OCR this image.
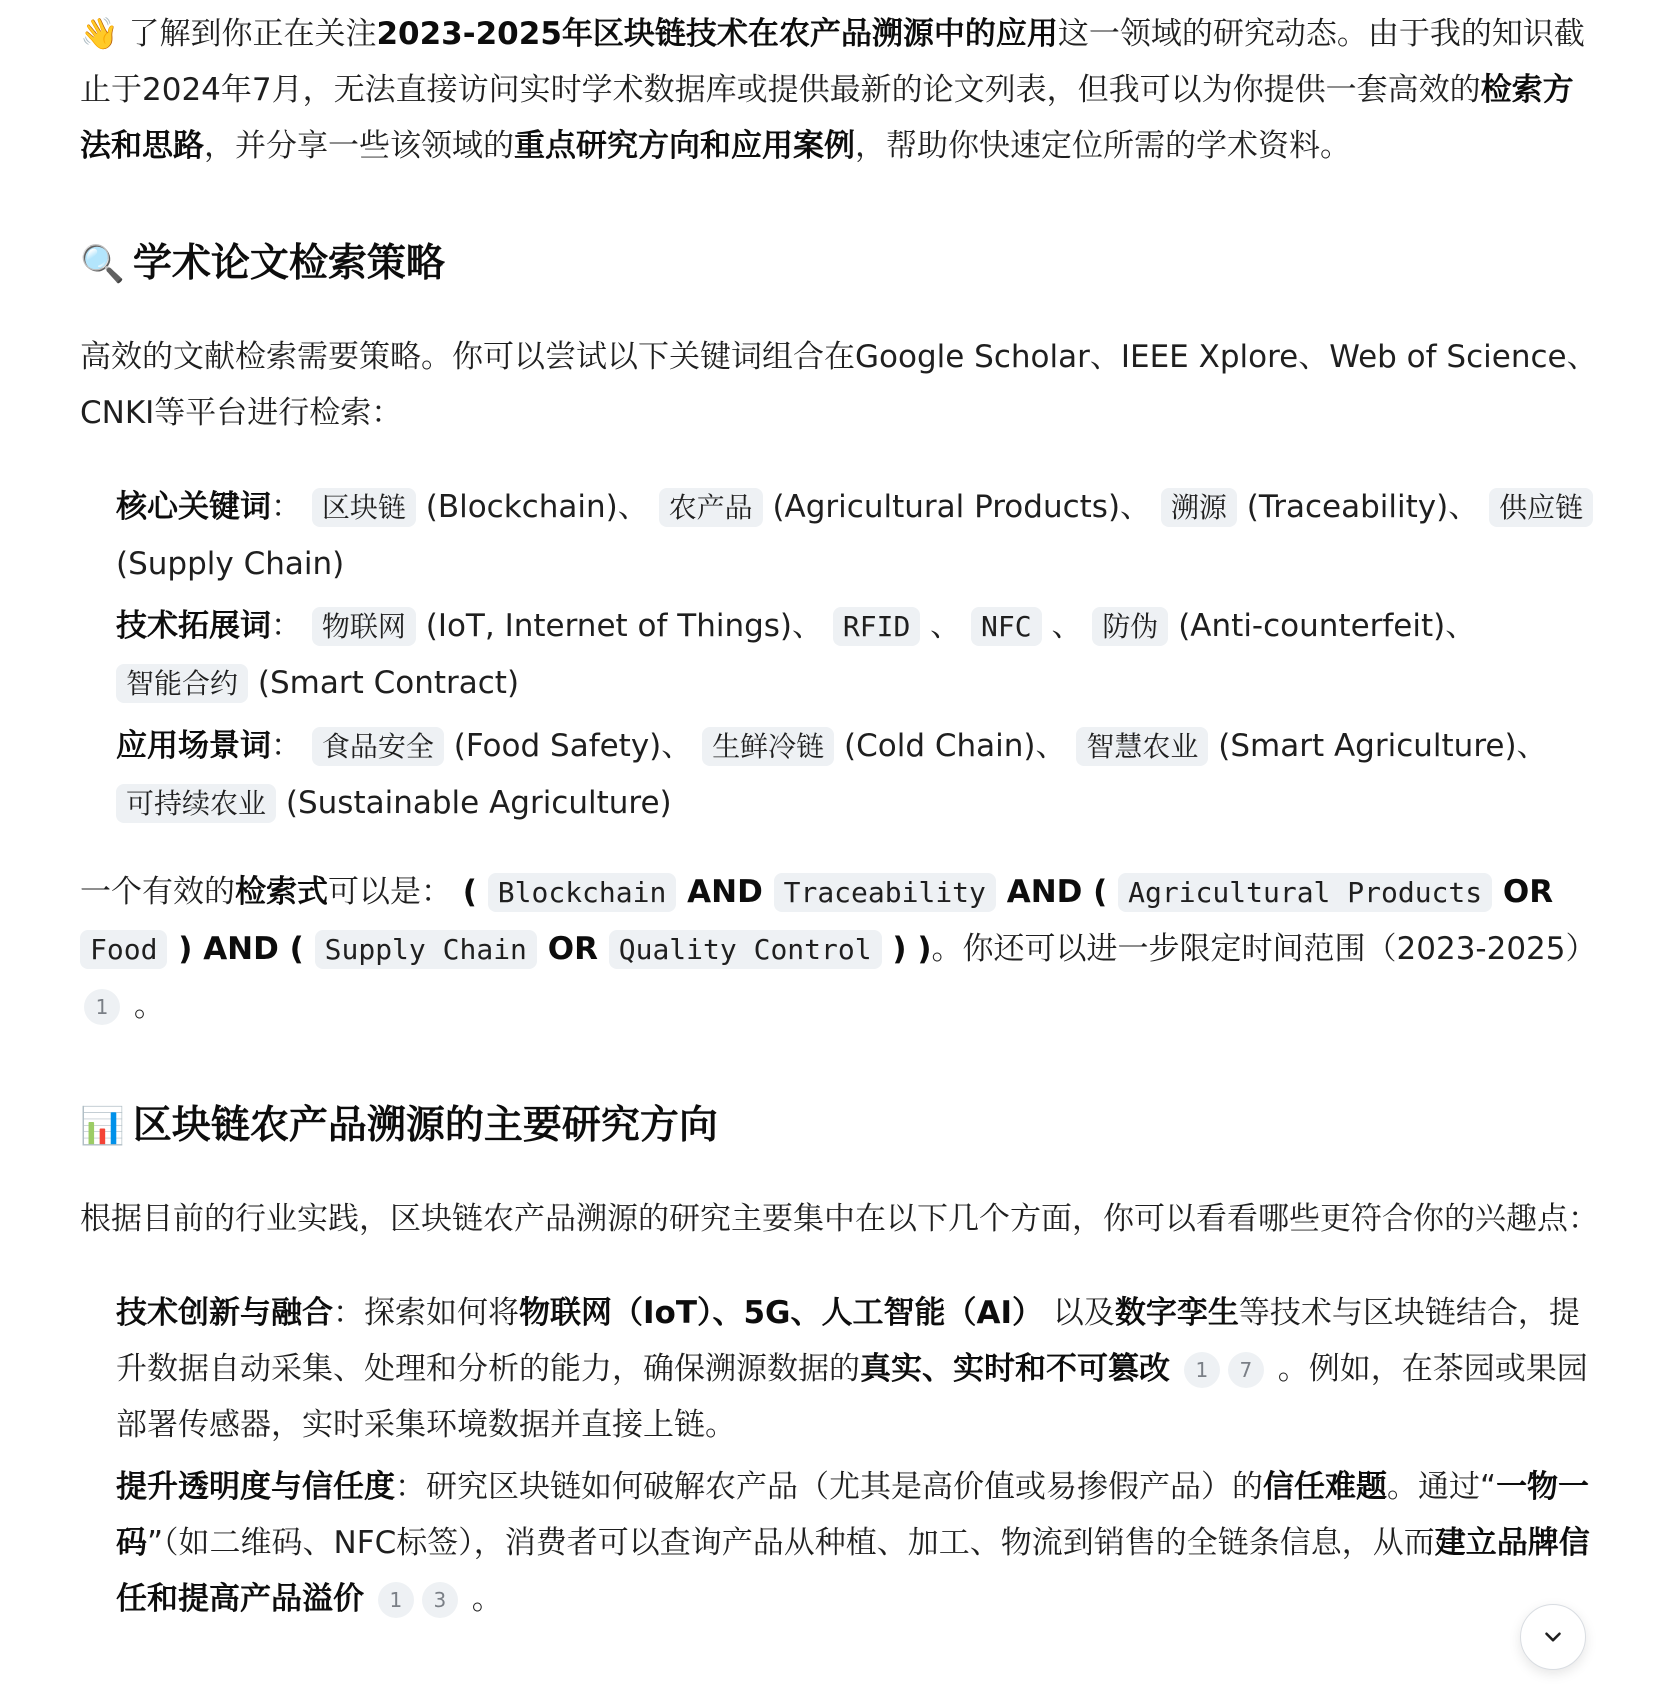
👋 了解到你正在关注2023-2025年区块链技术在农产品溯源中的应用这一领域的研究动态。由于我的知识截止于2024年7月，无法直接访问实时学术数据库或提供最新的论文列表，但我可以为你提供一套高效的检索方法和思路，并分享一些该领域的重点研究方向和应用案例，帮助你快速定位所需的学术资料。

🔍 学术论文检索策略

高效的文献检索需要策略。你可以尝试以下关键词组合在Google Scholar、IEEE Xplore、Web of Science、CNKI等平台进行检索：

核心关键词： 区块链 (Blockchain)、 农产品 (Agricultural Products)、 溯源 (Traceability)、 供应链 (Supply Chain)

技术拓展词： 物联网 (IoT, Internet of Things)、 RFID 、 NFC 、 防伪 (Anti-counterfeit)、 智能合约 (Smart Contract)

应用场景词： 食品安全 (Food Safety)、 生鲜冷链 (Cold Chain)、 智慧农业 (Smart Agriculture)、 可持续农业 (Sustainable Agriculture)

一个有效的检索式可以是： ( Blockchain AND Traceability AND ( Agricultural Products OR Food ) AND ( Supply Chain OR Quality Control ) )。你还可以进一步限定时间范围（2023-2025） 1 。

📊 区块链农产品溯源的主要研究方向

根据目前的行业实践，区块链农产品溯源的研究主要集中在以下几个方面，你可以看看哪些更符合你的兴趣点：

技术创新与融合：探索如何将物联网（IoT）、5G、人工智能（AI） 以及数字孪生等技术与区块链结合，提升数据自动采集、处理和分析的能力，确保溯源数据的真实、实时和不可篡改 1 7 。例如，在茶园或果园部署传感器，实时采集环境数据并直接上链。

提升透明度与信任度：研究区块链如何破解农产品（尤其是高价值或易掺假产品）的信任难题。通过“一物一码”（如二维码、NFC标签），消费者可以查询产品从种植、加工、物流到销售的全链条信息，从而建立品牌信任和提高产品溢价 1 3 。
